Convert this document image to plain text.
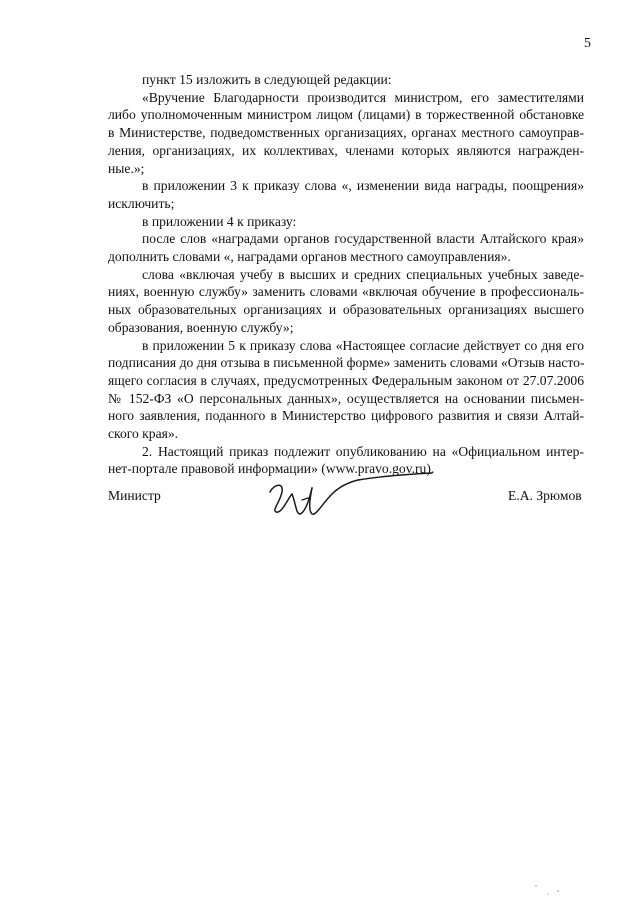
5
пункт 15 изложить в следующей редакции:
«Вручение Благодарности производится министром, его заместителями
либо уполномоченным министром лицом (лицами) в торжественной обстановке
в Министерстве, подведомственных организациях, органах местного самоуправ-
ления, организациях, их коллективах, членами которых являются награжден-
ные.»;
в приложении 3 к приказу слова «, изменении вида награды, поощрения»
исключить;
в приложении 4 к приказу:
после слов «наградами органов государственной власти Алтайского края»
дополнить словами «, наградами органов местного самоуправления».
слова «включая учебу в высших и средних специальных учебных заведе-
ниях, военную службу» заменить словами «включая обучение в профессиональ-
ных образовательных организациях и образовательных организациях высшего
образования, военную службу»;
в приложении 5 к приказу слова «Настоящее согласие действует со дня его
подписания до дня отзыва в письменной форме» заменить словами «Отзыв насто-
ящего согласия в случаях, предусмотренных Федеральным законом от 27.07.2006
№ 152-ФЗ «О персональных данных», осуществляется на основании письмен-
ного заявления, поданного в Министерство цифрового развития и связи Алтай-
ского края».
2. Настоящий приказ подлежит опубликованию на «Официальном интер-
нет-портале правовой информации» (www.pravo.gov.ru).
Министр	Е.А. Зрюмов
